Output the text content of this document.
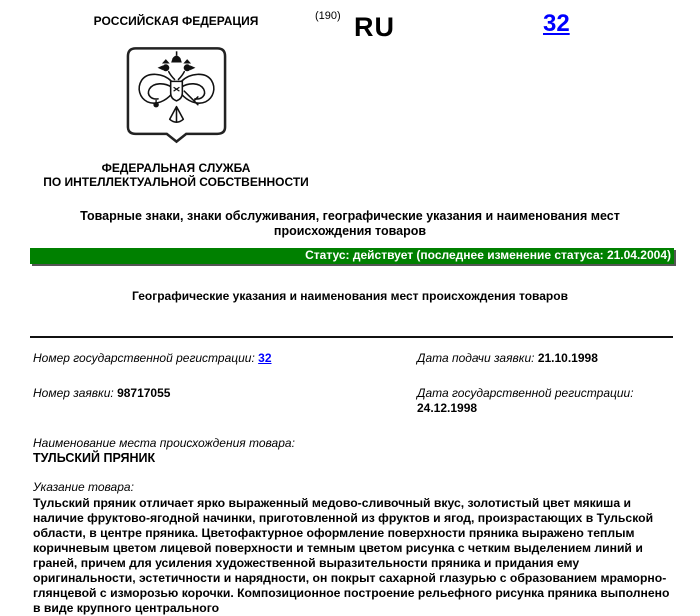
РОССИЙСКАЯ ФЕДЕРАЦИЯ
ФЕДЕРАЛЬНАЯ СЛУЖБА
ПО ИНТЕЛЛЕКТУАЛЬНОЙ СОБСТВЕННОСТИ
(190) RU	32
Товарные знаки, знаки обслуживания, географические указания и наименования мест происхождения товаров
Статус: действует (последнее изменение статуса: 21.04.2004)
Географические указания и наименования мест происхождения товаров
Номер государственной регистрации: 32
Номер заявки: 98717055
Дата подачи заявки: 21.10.1998
Дата государственной регистрации:
24.12.1998
Наименование места происхождения товара:
ТУЛЬСКИЙ ПРЯНИК
Указание товара:

Тульский пряник отличает ярко выраженный медово-сливочный вкус, золотистый цвет мякиша и наличие фруктово-ягодной начинки, приготовленной из фруктов и ягод, произрастающих в Тульской области, в центре пряника. Цветофактурное оформление поверхности пряника выражено теплым коричневым цветом лицевой поверхности и темным цветом рисунка с четким выделением линий и граней, причем для усиления художественной выразительности пряника и придания ему оригинальности, эстетичности и нарядности, он покрыт сахарной глазурью с образованием мраморно-глянцевой с изморозью корочки. Композиционное построение рельефного рисунка пряника выполнено в виде крупного центрального
